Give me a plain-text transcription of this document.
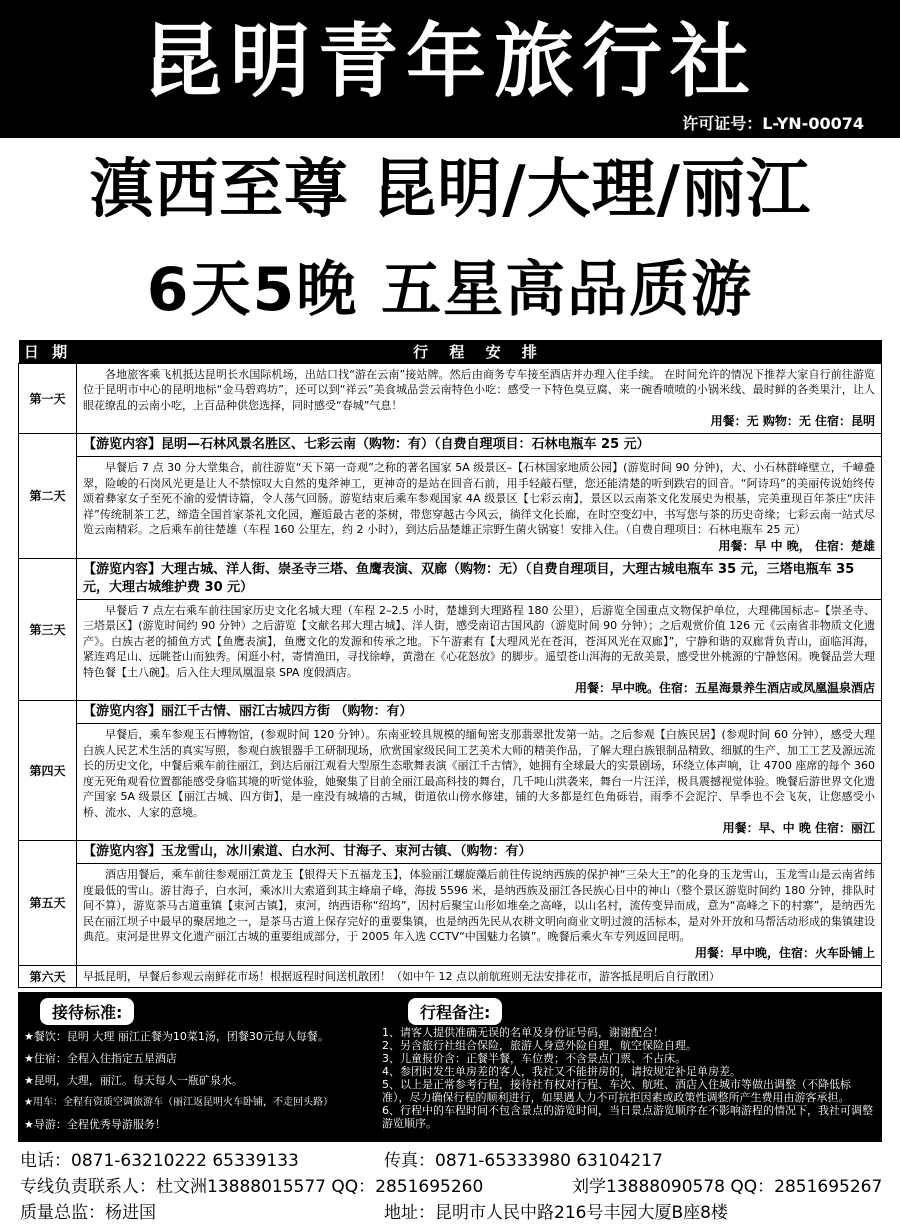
昆明青年旅行社
许可证号：L-YN-00074
滇西至尊 昆明/大理/丽江
6天5晚 五星高品质游
日 期	行 程 安 排
第一天	各地旅客乘飞机抵达昆明长水国际机场，出站口找“游在云南”接站牌。然后由商务专车接至酒店并办理入住手续。 在时间允许的情况下推荐大家自行前往游览位于昆明市中心的昆明地标“金马碧鸡坊”，还可以到“祥云”美食城品尝云南特色小吃：感受一下特色臭豆腐、来一碗香喷喷的小锅米线、最时鲜的各类果汁，让人眼花缭乱的云南小吃，上百品种供您选择，同时感受“春城”气息！
用餐：无 购物：无 住宿：昆明

第二天	【游览内容】昆明—石林风景名胜区、七彩云南（购物：有）（自费自理项目：石林电瓶车 25 元）
早餐后 7 点 30 分大堂集合，前往游览“天下第一奇观”之称的著名国家 5A 级景区–【石林国家地质公园】(游览时间 90 分钟)，大、小石林群峰壁立，千嶂叠翠，险峻的石岗风光更是让人不禁惊叹大自然的鬼斧神工，更神奇的是站在回音石前，用手轻敲石壁，您还能清楚的听到跌宕的回音。“阿诗玛”的美丽传说始终传颂着彝家女子至死不渝的爱情诗篇，令人荡气回肠。游览结束后乘车参观国家 4A 级景区【七彩云南】，景区以云南茶文化发展史为根基，完美重现百年茶庄“庆沣祥”传统制茶工艺，缔造全国首家茶礼文化园，邂逅最古老的茶树，带您穿越古今风云，徜徉文化长廊，在时空变幻中，书写您与茶的历史奇缘；七彩云南一站式尽览云南精彩。之后乘车前往楚雄（车程 160 公里左，约 2 小时），到达后品楚雄正宗野生菌火锅宴！安排入住。（自费自理项目：石林电瓶车 25 元）
用餐：早 中 晚， 住宿：楚雄

第三天	【游览内容】大理古城、洋人街、崇圣寺三塔、鱼鹰表演、双廊（购物：无）（自费自理项目，大理古城电瓶车 35 元，三塔电瓶车 35 元，大理古城维护费 30 元）
早餐后 7 点左右乘车前往国家历史文化名城大理（车程 2–2.5 小时，楚雄到大理路程 180 公里），后游览全国重点文物保护单位，大理佛国标志–【崇圣寺、三塔景区】(游览时间约 90 分钟）之后游览【文献名邦大理古城】、洋人街，感受南诏古国风韵（游览时间 90 分钟）；之后观赏价值 126 元《云南省非物质文化遗产》。白族古老的捕鱼方式【鱼鹰表演】，鱼鹰文化的发源和传承之地。下午游素有【大理风光在苍洱，苍洱风光在双廊】”，宁静和谐的双廊背负青山，面临洱海，紧连鸡足山、远眺苍山而独秀。闲逛小村，寄情渔田，寻找徐峥，黄渤在《心花怒放》的脚步。遥望苍山洱海的无敌美景，感受世外桃源的宁静悠闲。晚餐品尝大理特色餐【土八碗】。后入住大理凤凰温泉 SPA 度假酒店。
用餐：早中晚。住宿：五星海景养生酒店或凤凰温泉酒店

第四天	【游览内容】丽江千古情、丽江古城四方街 （购物：有）
早餐后，乘车参观玉石博物馆，(参观时间 120 分钟）。东南亚较具规模的缅甸密支那翡翠批发第一站。之后参观【白族民居】(参观时间 60 分钟），感受大理白族人民艺术生活的真实写照，参观白族银器手工研制现场，欣赏国家级民间工艺美术大师的精美作品，了解大理白族银制品精致、细腻的生产、加工工艺及源远流长的历史文化，中餐后乘车前往丽江，到达后丽江观看大型原生态歌舞表演《丽江千古情》，她拥有全球最大的实景剧场，环绕立体声响，让 4700 座席的每个 360 度无死角观看位置都能感受身临其境的听觉体验，她聚集了目前全丽江最高科技的舞台，几千吨山洪袭来，舞台一片汪洋，极具震撼视觉体验。晚餐后游世界文化遗产国家 5A 级景区【丽江古城、四方街】，是一座没有城墙的古城，街道依山傍水修建，铺的大多都是红色角砾岩，雨季不会泥泞、旱季也不会飞灰，让您感受小桥、流水、人家的意境。
用餐：早、中 晚 住宿：丽江

第五天	【游览内容】玉龙雪山，冰川索道、白水河、甘海子、束河古镇、（购物：有）
酒店用餐后，乘车前往参观丽江黄龙玉【银得天下五福龙玉】，体验丽江螺旋藻后前往传说纳西族的保护神“三朵大王”的化身的玉龙雪山，玉龙雪山是云南省纬度最低的雪山。游甘海子，白水河，乘冰川大索道到其主峰扇子峰，海拔 5596 米，是纳西族及丽江各民族心目中的神山（整个景区游览时间约 180 分钟，排队时间不算），游览茶马古道重镇【束河古镇】，束河，纳西语称“绍坞”，因村后聚宝山形如堆垒之高峰，以山名村，流传变异而成，意为“高峰之下的村寨”，是纳西先民在丽江坝子中最早的聚居地之一，是茶马古道上保存完好的重要集镇，也是纳西先民从农耕文明向商业文明过渡的活标本，是对外开放和马帮活动形成的集镇建设典范。束河是世界文化遗产丽江古城的重要组成部分，于 2005 年入选 CCTV“中国魅力名镇”。晚餐后乘火车专列返回昆明。
用餐：早中晚，住宿：火车卧铺上

第六天	早抵昆明，早餐后参观云南鲜花市场！根据返程时间送机散团！（如中午 12 点以前航班则无法安排花市，游客抵昆明后自行散团）
接待标准:	行程备注:
★餐饮：昆明 大理 丽江正餐为10菜1汤，团餐30元每人每餐。
★住宿：全程入住指定五星酒店
★昆明，大理，丽江。每天每人一瓶矿泉水。
★用车：全程有资质空调旅游车（丽江返昆明火车卧铺，不走回头路）
★导游：全程优秀导游服务！
1、请客人提供准确无误的名单及身份证号码，谢谢配合！
2、另含旅行社组合保险，旅游人身意外险自理，航空保险自理。
3、儿童报价含：正餐半餐，车位费；不含景点门票、不占床。
4、参团时发生单房差的客人，我社又不能拼房的，请按规定补足单房差。
5、以上是正常参考行程，接待社有权对行程、车次、航班、酒店入住城市等做出调整（不降低标准），尽力确保行程的顺利进行，如果遇人力不可抗拒因素或政策性调整所产生费用由游客承担。
6、行程中的车程时间不包含景点的游览时间，当日景点游览顺序在不影响游程的情况下，我社可调整游览顺序。
电话：0871-63210222 65339133	传真：0871-65333980 63104217
专线负责联系人：杜文洲13888015577 QQ：2851695260	刘学13888090578 QQ：2851695267
质量总监：杨进国	地址：昆明市人民中路216号丰园大厦B座8楼
